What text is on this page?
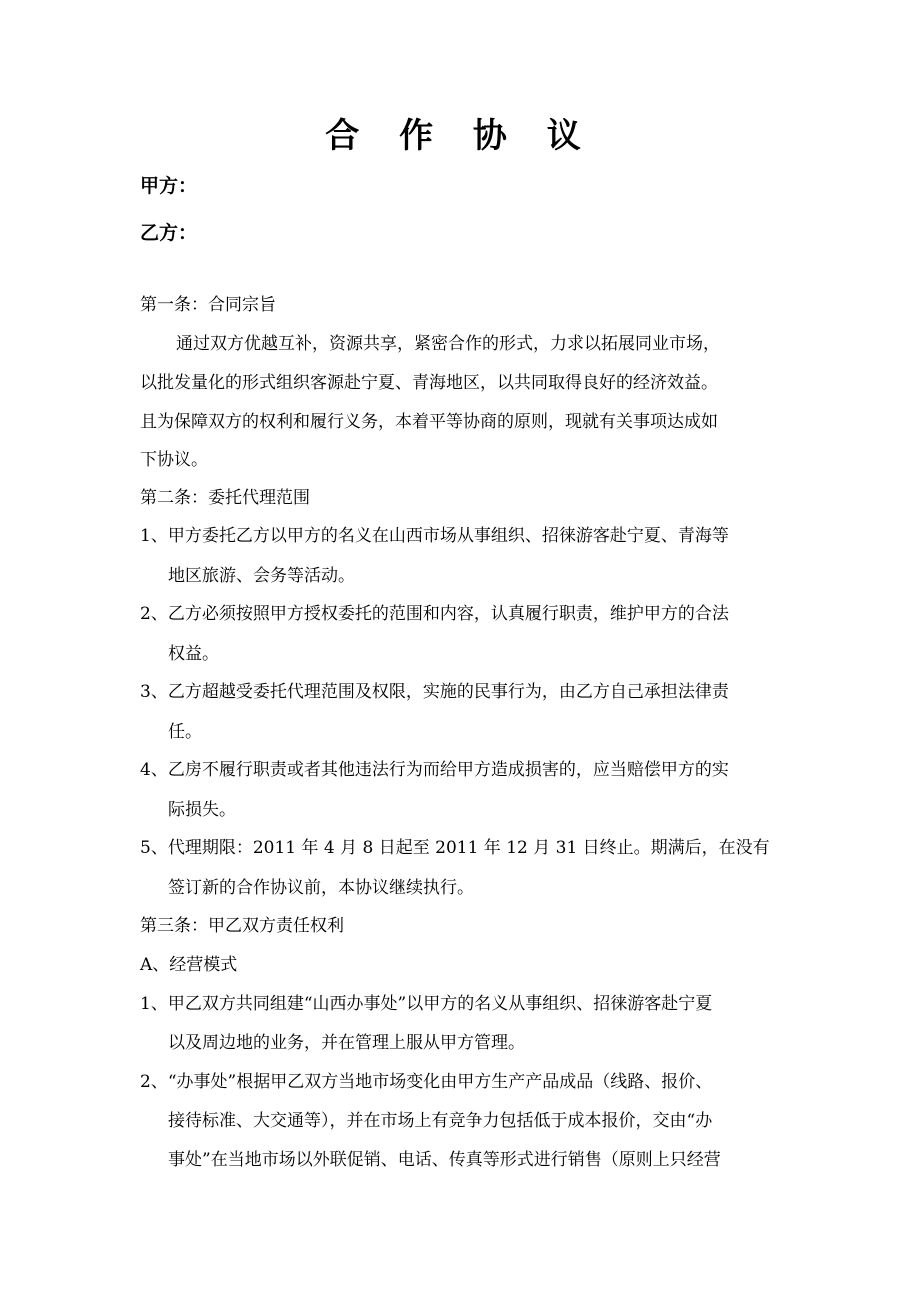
合 作 协 议
甲方：
乙方：
第一条：合同宗旨
通过双方优越互补，资源共享，紧密合作的形式，力求以拓展同业市场，
以批发量化的形式组织客源赴宁夏、青海地区，以共同取得良好的经济效益。
且为保障双方的权利和履行义务，本着平等协商的原则，现就有关事项达成如
下协议。
第二条：委托代理范围
1、甲方委托乙方以甲方的名义在山西市场从事组织、招徕游客赴宁夏、青海等
地区旅游、会务等活动。
2、乙方必须按照甲方授权委托的范围和内容，认真履行职责，维护甲方的合法
权益。
3、乙方超越受委托代理范围及权限，实施的民事行为，由乙方自己承担法律责
任。
4、乙房不履行职责或者其他违法行为而给甲方造成损害的，应当赔偿甲方的实
际损失。
5、代理期限：2011 年 4 月 8 日起至 2011 年 12 月 31 日终止。期满后，在没有
签订新的合作协议前，本协议继续执行。
第三条：甲乙双方责任权利
A、经营模式
1、甲乙双方共同组建“山西办事处”以甲方的名义从事组织、招徕游客赴宁夏
以及周边地的业务，并在管理上服从甲方管理。
2、“办事处”根据甲乙双方当地市场变化由甲方生产产品成品（线路、报价、
接待标准、大交通等），并在市场上有竞争力包括低于成本报价，交由“办
事处”在当地市场以外联促销、电话、传真等形式进行销售（原则上只经营
